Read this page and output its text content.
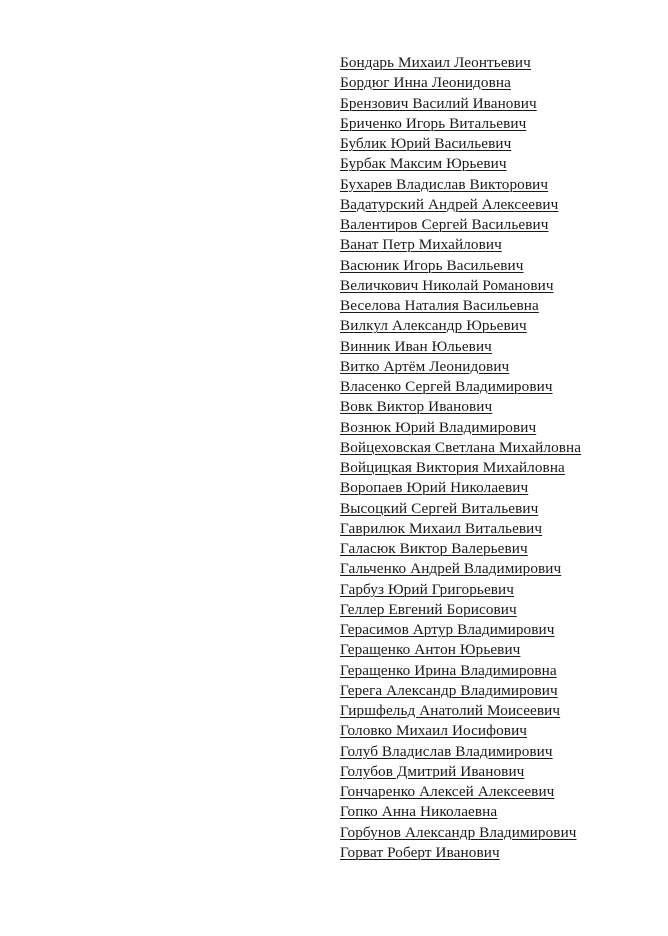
Бондарь Михаил Леонтьевич
Бордюг Инна Леонидовна
Брензович Василий Иванович
Бриченко Игорь Витальевич
Бублик Юрий Васильевич
Бурбак Максим Юрьевич
Бухарев Владислав Викторович
Вадатурский Андрей Алексеевич
Валентиров Сергей Васильевич
Ванат Петр Михайлович
Васюник Игорь Васильевич
Величкович Николай Романович
Веселова Наталия Васильевна
Вилкул Александр Юрьевич
Винник Иван Юльевич
Витко Артём Леонидович
Власенко Сергей Владимирович
Вовк Виктор Иванович
Вознюк Юрий Владимирович
Войцеховская Светлана Михайловна
Войцицкая Виктория Михайловна
Воропаев Юрий Николаевич
Высоцкий Сергей Витальевич
Гаврилюк Михаил Витальевич
Галасюк Виктор Валерьевич
Гальченко Андрей Владимирович
Гарбуз Юрий Григорьевич
Геллер Евгений Борисович
Герасимов Артур Владимирович
Геращенко Антон Юрьевич
Геращенко Ирина Владимировна
Герега Александр Владимирович
Гиршфельд Анатолий Моисеевич
Головко Михаил Иосифович
Голуб Владислав Владимирович
Голубов Дмитрий Иванович
Гончаренко Алексей Алексеевич
Гопко Анна Николаевна
Горбунов Александр Владимирович
Горват Роберт Иванович
